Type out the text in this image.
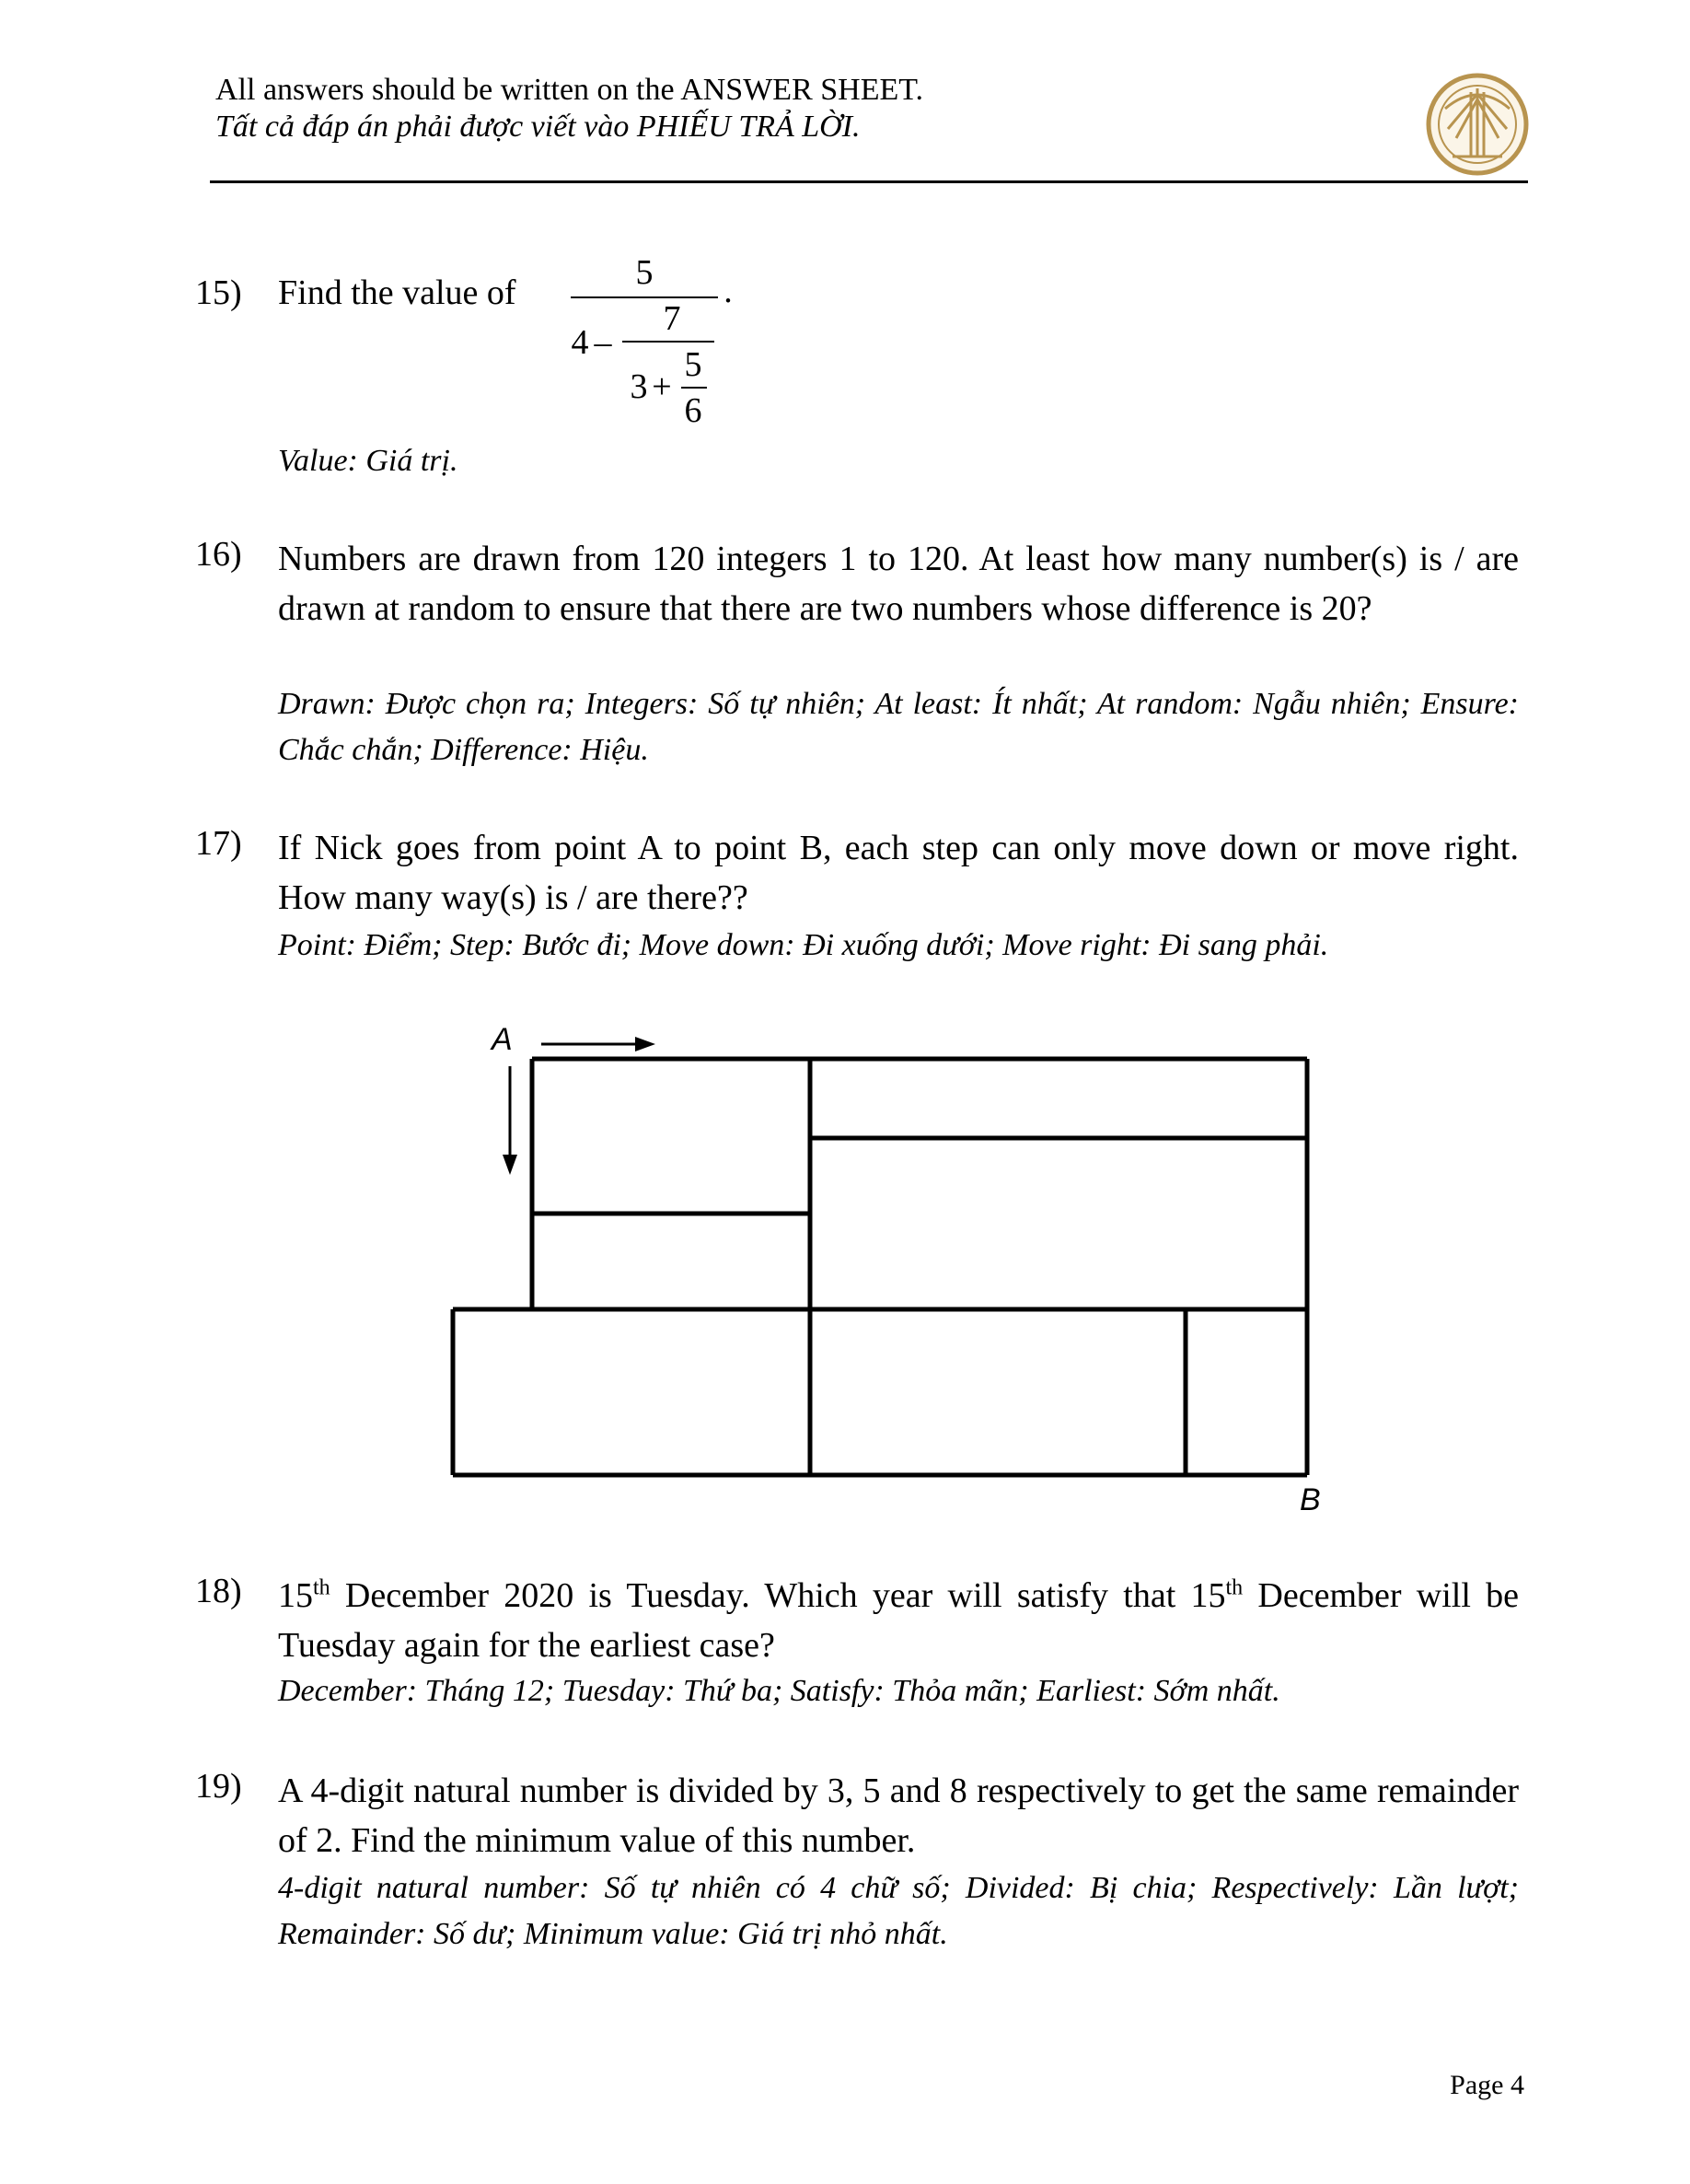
All answers should be written on the ANSWER SHEET.
Tất cả đáp án phải được viết vào PHIẾU TRẢ LỜI.
15) Find the value of
5 .
4 –
7
3 +
5
6
Value: Giá trị.
16) Numbers are drawn from 120 integers 1 to 120. At least how many number(s) is / are drawn at random to ensure that there are two numbers whose difference is 20?
Drawn: Được chọn ra; Integers: Số tự nhiên; At least: Ít nhất; At random: Ngẫu nhiên; Ensure: Chắc chắn; Difference: Hiệu.
17) If Nick goes from point A to point B, each step can only move down or move right. How many way(s) is / are there??
Point: Điểm; Step: Bước đi; Move down: Đi xuống dưới; Move right: Đi sang phải.
A
B
18) 15th December 2020 is Tuesday. Which year will satisfy that 15th December will be Tuesday again for the earliest case?
December: Tháng 12; Tuesday: Thứ ba; Satisfy: Thỏa mãn; Earliest: Sớm nhất.
19) A 4-digit natural number is divided by 3, 5 and 8 respectively to get the same remainder of 2. Find the minimum value of this number.
4-digit natural number: Số tự nhiên có 4 chữ số; Divided: Bị chia; Respectively: Lần lượt; Remainder: Số dư; Minimum value: Giá trị nhỏ nhất.
Page 4
